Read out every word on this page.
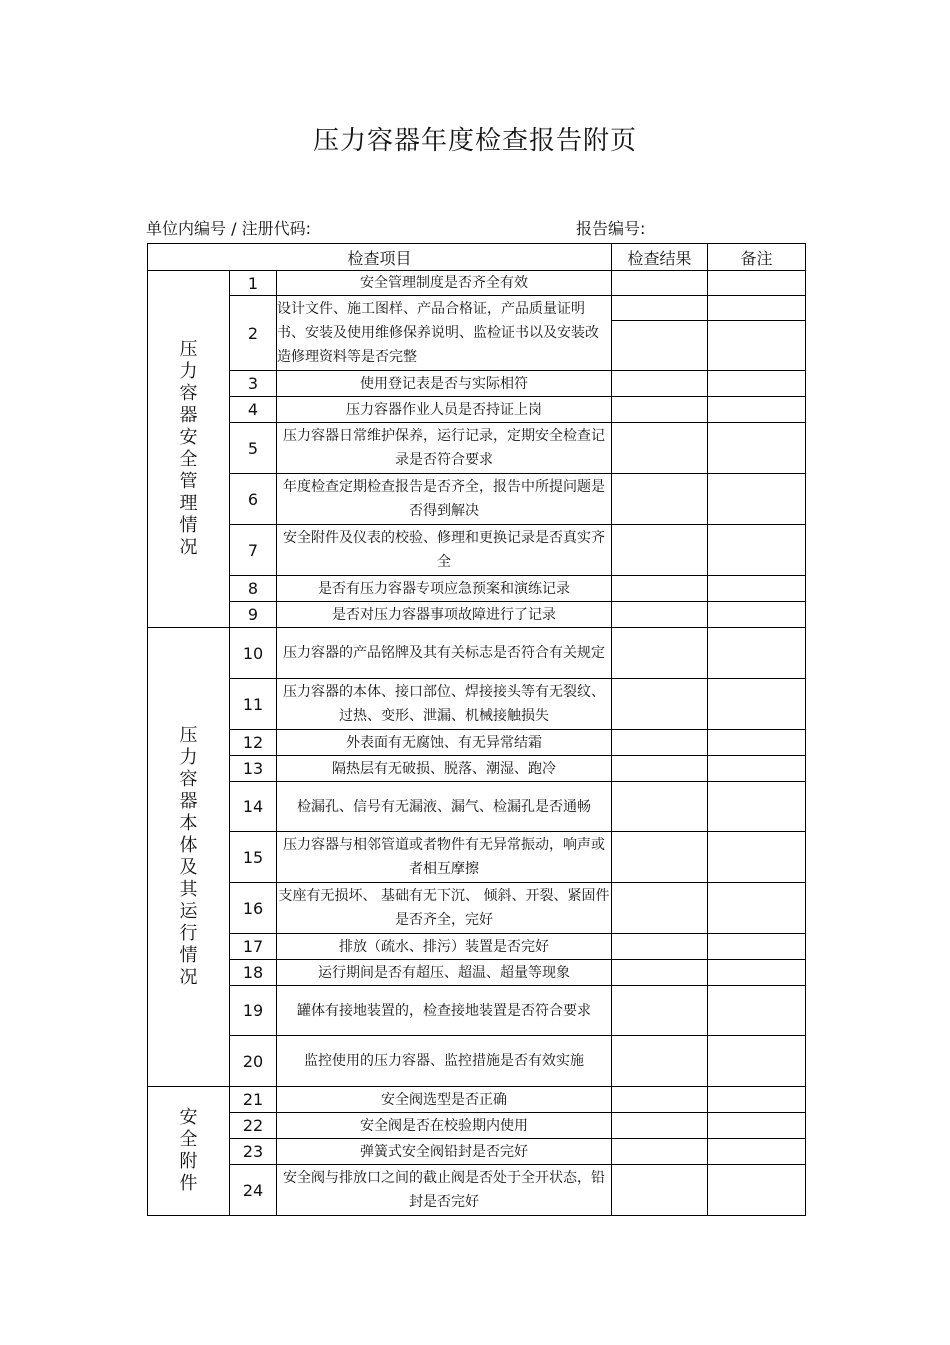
压力容器年度检查报告附页
单位内编号 / 注册代码:	报告编号:
检查项目			检查结果	备注
压力容器安全管理情况	1	安全管理制度是否齐全有效		
	2	设计文件、施工图样、产品合格证，产品质量证明书、安装及使用维修保养说明、监检证书以及安装改造修理资料等是否完整	

	3	使用登记表是否与实际相符		
	4	压力容器作业人员是否持证上岗		
	5	压力容器日常维护保养，运行记录，定期安全检查记录是否符合要求		
	6	年度检查定期检查报告是否齐全，报告中所提问题是否得到解决		
	7	安全附件及仪表的校验、修理和更换记录是否真实齐全		
	8	是否有压力容器专项应急预案和演练记录		
	9	是否对压力容器事项故障进行了记录		
压力容器本体及其运行情况	10	压力容器的产品铭牌及其有关标志是否符合有关规定		
	11	压力容器的本体、接口部位、焊接接头等有无裂纹、过热、变形、泄漏、机械接触损失		
	12	外表面有无腐蚀、有无异常结霜		
	13	隔热层有无破损、脱落、潮湿、跑冷		
	14	检漏孔、信号有无漏液、漏气、检漏孔是否通畅		
	15	压力容器与相邻管道或者物件有无异常振动，响声或者相互摩擦		
	16	支座有无损坏、 基础有无下沉、 倾斜、开裂、紧固件是否齐全，完好		
	17	排放（疏水、排污）装置是否完好		
	18	运行期间是否有超压、超温、超量等现象		
	19	罐体有接地装置的，检查接地装置是否符合要求		
	20	监控使用的压力容器、监控措施是否有效实施		
安全附件	21	安全阀选型是否正确		
	22	安全阀是否在校验期内使用		
	23	弹簧式安全阀铅封是否完好		
	24	安全阀与排放口之间的截止阀是否处于全开状态，铅封是否完好		
